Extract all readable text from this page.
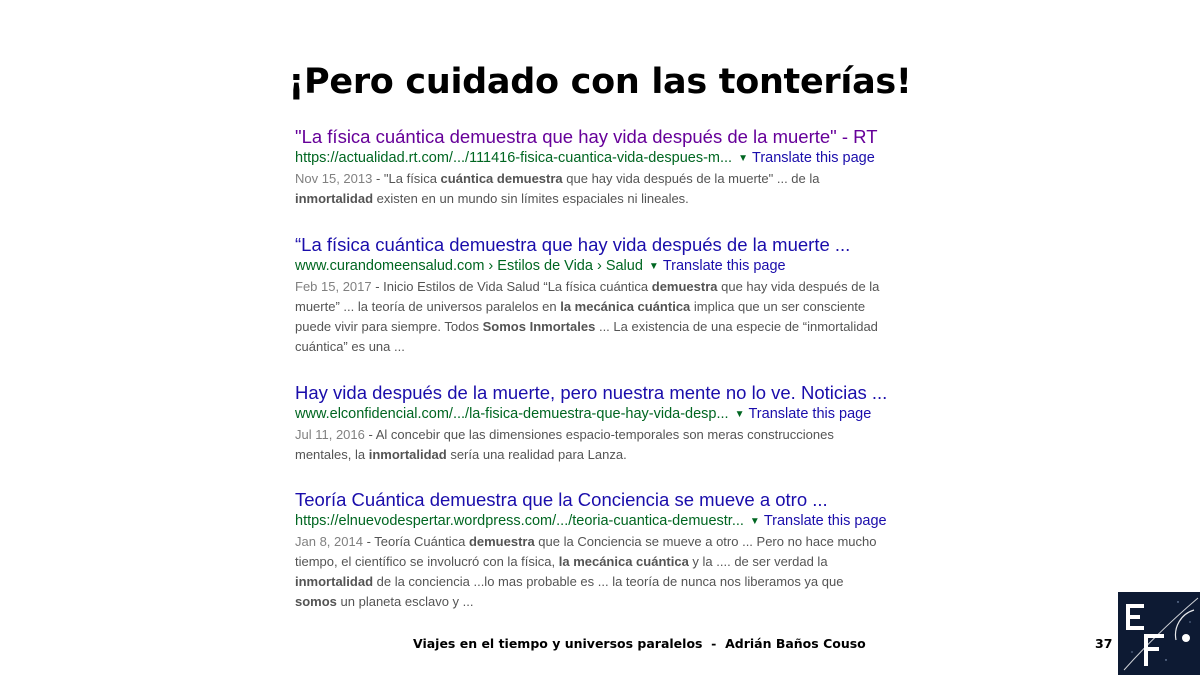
¡Pero cuidado con las tonterías!
"La física cuántica demuestra que hay vida después de la muerte" - RT
https://actualidad.rt.com/.../111416-fisica-cuantica-vida-despues-m... ▼ Translate this page
Nov 15, 2013 - "La física cuántica demuestra que hay vida después de la muerte" ... de la
inmortalidad existen en un mundo sin límites espaciales ni lineales.
“La física cuántica demuestra que hay vida después de la muerte ...
www.curandomeensalud.com › Estilos de Vida › Salud ▼ Translate this page
Feb 15, 2017 - Inicio Estilos de Vida Salud “La física cuántica demuestra que hay vida después de la
muerte” ... la teoría de universos paralelos en la mecánica cuántica implica que un ser consciente
puede vivir para siempre. Todos Somos Inmortales ... La existencia de una especie de “inmortalidad
cuántica” es una ...
Hay vida después de la muerte, pero nuestra mente no lo ve. Noticias ...
www.elconfidencial.com/.../la-fisica-demuestra-que-hay-vida-desp... ▼ Translate this page
Jul 11, 2016 - Al concebir que las dimensiones espacio-temporales son meras construcciones
mentales, la inmortalidad sería una realidad para Lanza.
Teoría Cuántica demuestra que la Conciencia se mueve a otro ...
https://elnuevodespertar.wordpress.com/.../teoria-cuantica-demuestr... ▼ Translate this page
Jan 8, 2014 - Teoría Cuántica demuestra que la Conciencia se mueve a otro ... Pero no hace mucho
tiempo, el científico se involucró con la física, la mecánica cuántica y la .... de ser verdad la
inmortalidad de la conciencia ...lo mas probable es ... la teoría de nunca nos liberamos ya que
somos un planeta esclavo y ...
Viajes en el tiempo y universos paralelos  -  Adrián Baños Couso	37
